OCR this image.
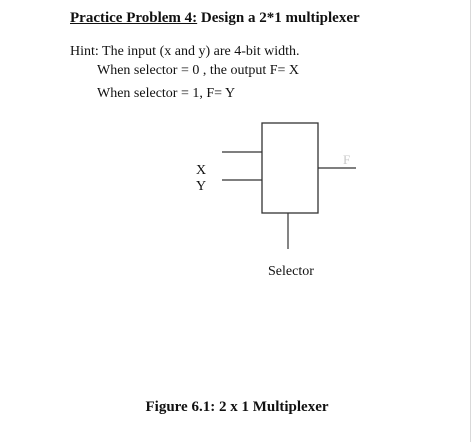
Practice Problem 4: Design a 2*1 multiplexer
Hint: The input (x and y) are 4-bit width.
When selector = 0 , the output F= X
When selector = 1, F= Y
X
Y
F
Selector
Figure 6.1: 2 x 1 Multiplexer
